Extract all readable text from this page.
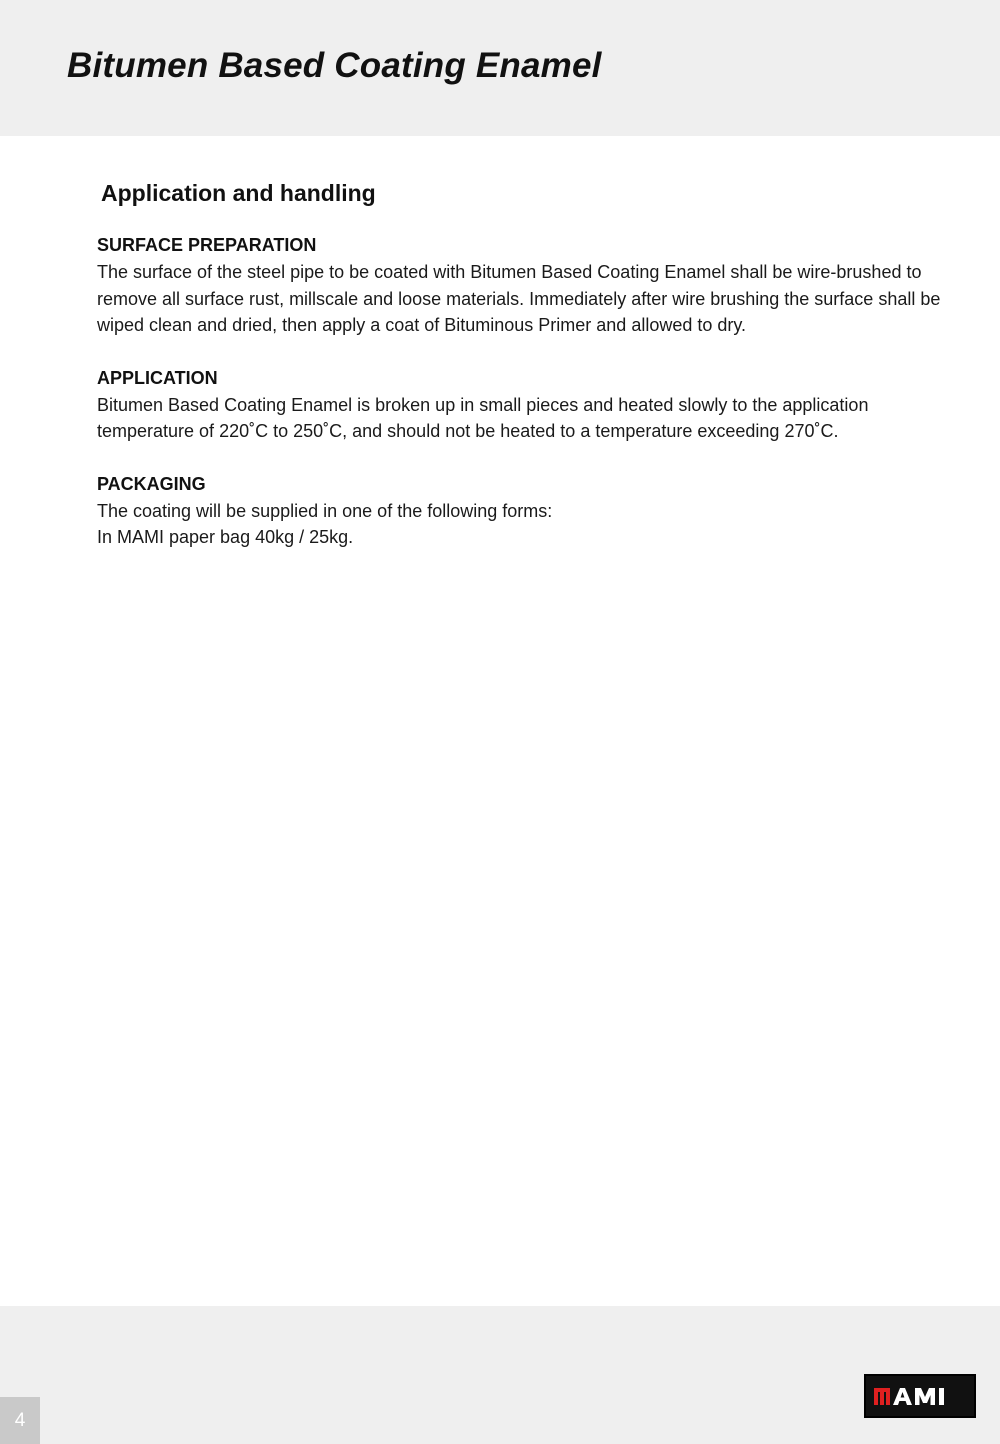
Bitumen Based Coating Enamel
Application and handling

SURFACE PREPARATION

The surface of the steel pipe to be coated with Bitumen Based Coating Enamel shall be wire-brushed to remove all surface rust, millscale and loose materials. Immediately after wire brushing the surface shall be wiped clean and dried, then apply a coat of Bituminous Primer and allowed to dry.

APPLICATION

Bitumen Based Coating Enamel is broken up in small pieces and heated slowly to the application temperature of 220˚C to 250˚C, and should not be heated to a temperature exceeding 270˚C.

PACKAGING

The coating will be supplied in one of the following forms:

In MAMI paper bag 40kg / 25kg.

4
